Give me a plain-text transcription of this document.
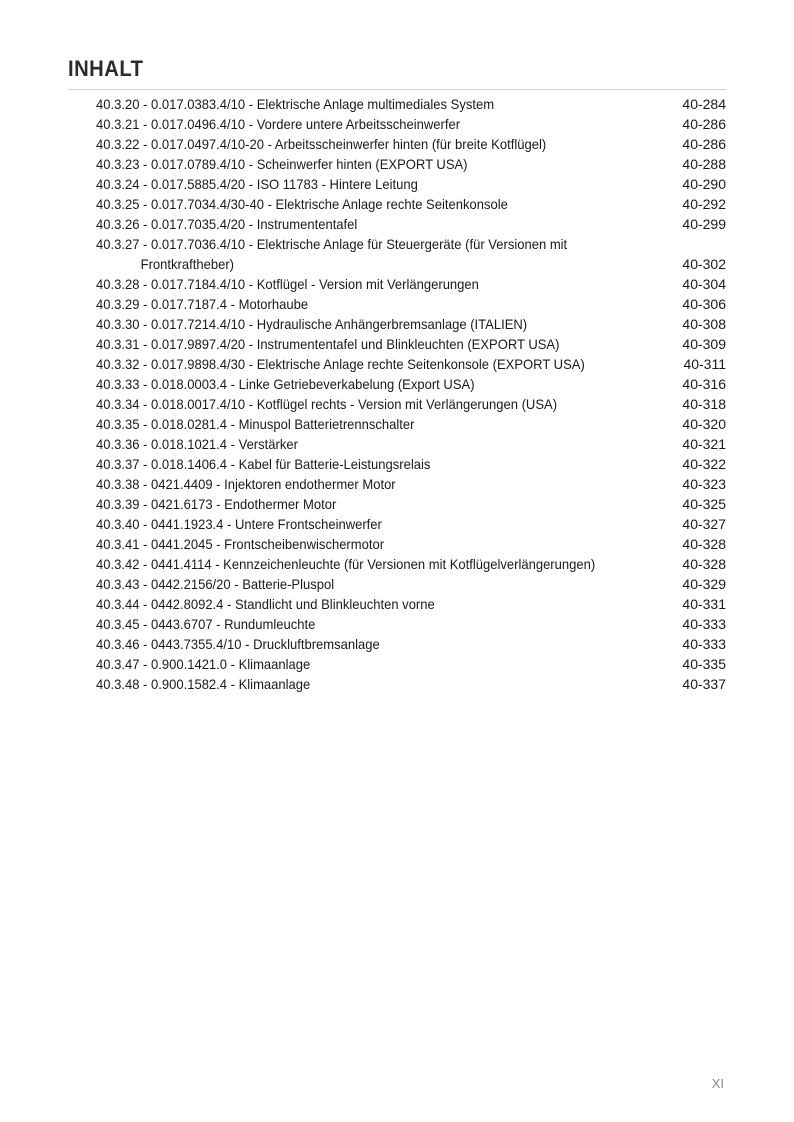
INHALT
40.3.20 - 0.017.0383.4/10 - Elektrische Anlage multimediales System	40-284
40.3.21 - 0.017.0496.4/10 - Vordere untere Arbeitsscheinwerfer	40-286
40.3.22 - 0.017.0497.4/10-20 - Arbeitsscheinwerfer hinten (für breite Kotflügel)	40-286
40.3.23 - 0.017.0789.4/10 - Scheinwerfer hinten (EXPORT USA)	40-288
40.3.24 - 0.017.5885.4/20 - ISO 11783 - Hintere Leitung	40-290
40.3.25 - 0.017.7034.4/30-40 - Elektrische Anlage rechte Seitenkonsole	40-292
40.3.26 - 0.017.7035.4/20 - Instrumententafel	40-299
40.3.27 - 0.017.7036.4/10 - Elektrische Anlage für Steuergeräte (für Versionen mit
Frontkraftheber)	40-302
40.3.28 - 0.017.7184.4/10 - Kotflügel - Version mit Verlängerungen	40-304
40.3.29 - 0.017.7187.4 - Motorhaube	40-306
40.3.30 - 0.017.7214.4/10 - Hydraulische Anhängerbremsanlage (ITALIEN)	40-308
40.3.31 - 0.017.9897.4/20 - Instrumententafel und Blinkleuchten (EXPORT USA)	40-309
40.3.32 - 0.017.9898.4/30 - Elektrische Anlage rechte Seitenkonsole (EXPORT USA)	40-311
40.3.33 - 0.018.0003.4 - Linke Getriebeverkabelung (Export USA)	40-316
40.3.34 - 0.018.0017.4/10 - Kotflügel rechts - Version mit Verlängerungen (USA)	40-318
40.3.35 - 0.018.0281.4 - Minuspol Batterietrennschalter	40-320
40.3.36 - 0.018.1021.4 - Verstärker	40-321
40.3.37 - 0.018.1406.4 - Kabel für Batterie-Leistungsrelais	40-322
40.3.38 - 0421.4409 - Injektoren endothermer Motor	40-323
40.3.39 - 0421.6173 - Endothermer Motor	40-325
40.3.40 - 0441.1923.4 - Untere Frontscheinwerfer	40-327
40.3.41 - 0441.2045 - Frontscheibenwischermotor	40-328
40.3.42 - 0441.4114 - Kennzeichenleuchte (für Versionen mit Kotflügelverlängerungen)	40-328
40.3.43 - 0442.2156/20 - Batterie-Pluspol	40-329
40.3.44 - 0442.8092.4 - Standlicht und Blinkleuchten vorne	40-331
40.3.45 - 0443.6707 - Rundumleuchte	40-333
40.3.46 - 0443.7355.4/10 - Druckluftbremsanlage	40-333
40.3.47 - 0.900.1421.0 - Klimaanlage	40-335
40.3.48 - 0.900.1582.4 - Klimaanlage	40-337
XI
